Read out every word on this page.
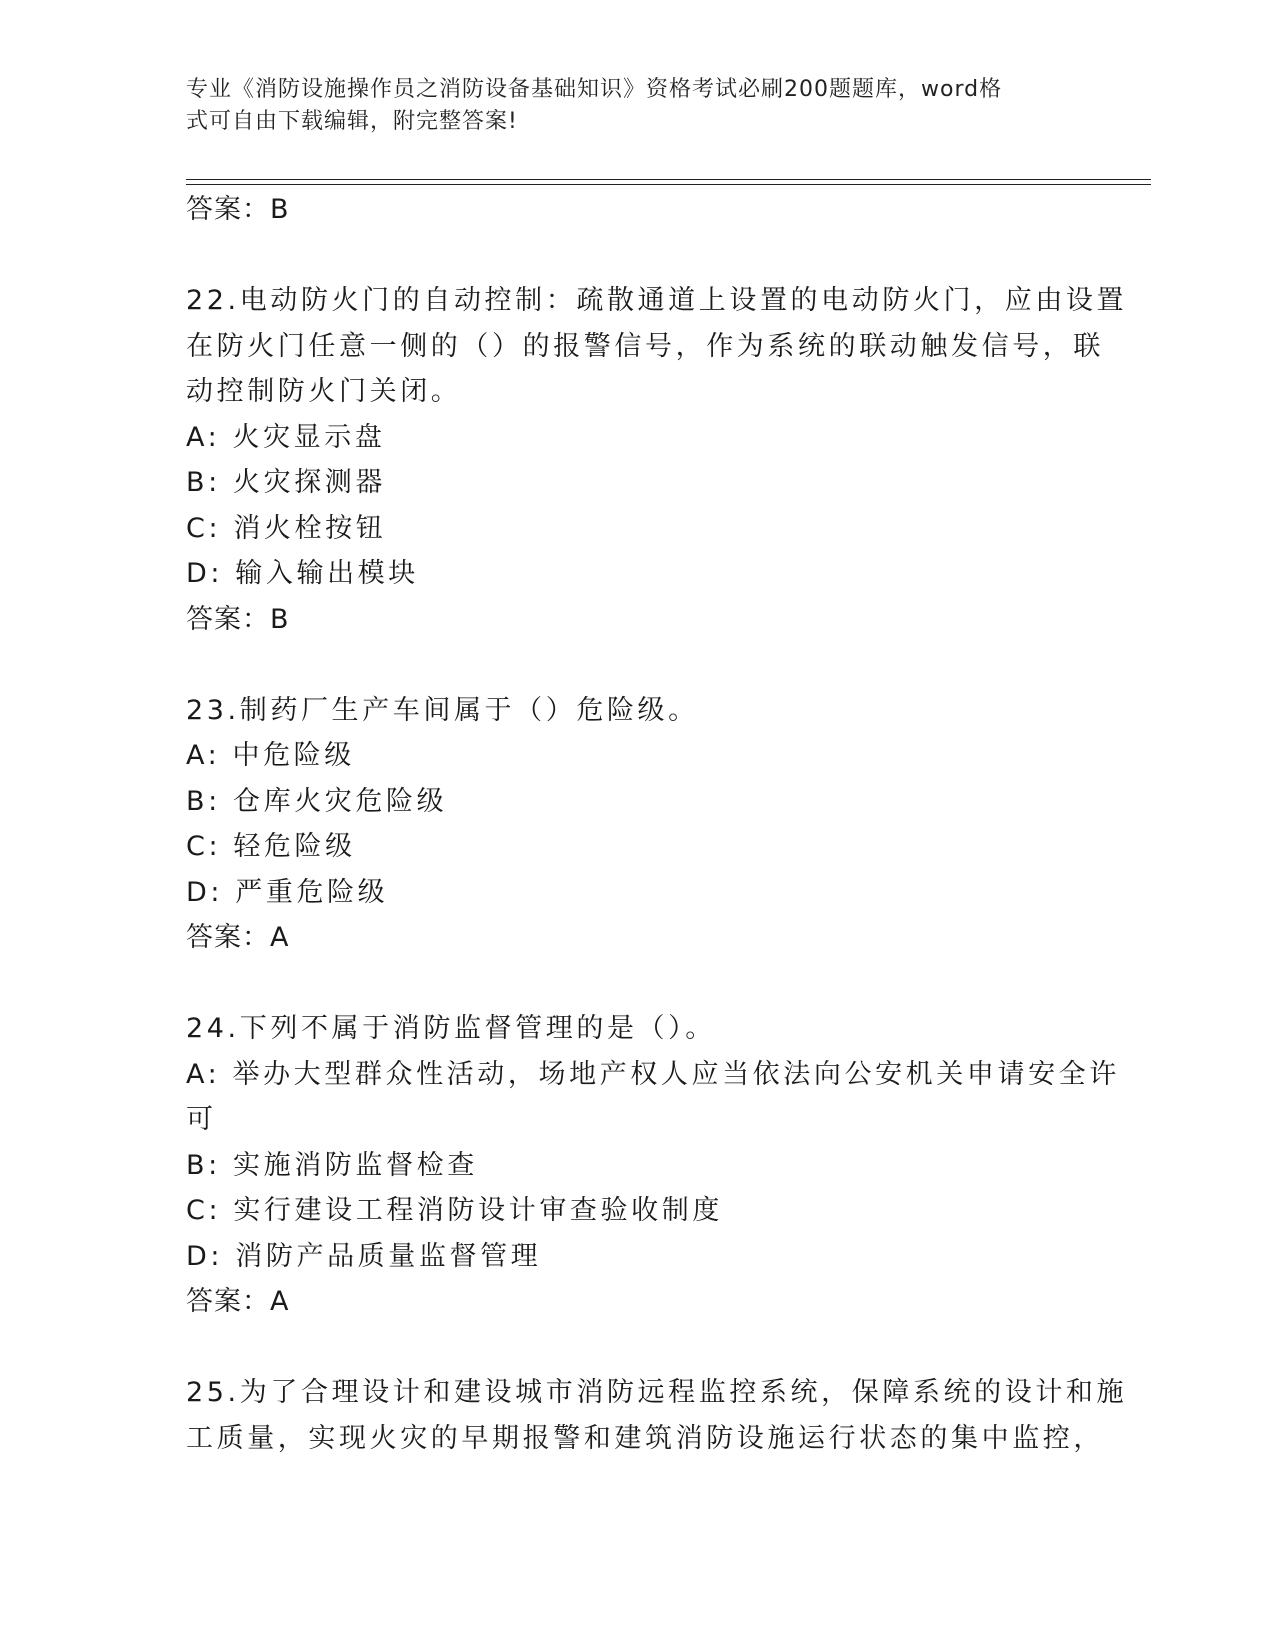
专业《消防设施操作员之消防设备基础知识》资格考试必刷200题题库，word格
式可自由下载编辑，附完整答案!
答案：B
22.电动防火门的自动控制：疏散通道上设置的电动防火门，应由设置
在防火门任意一侧的（）的报警信号，作为系统的联动触发信号，联
动控制防火门关闭。
A: 火灾显示盘
B: 火灾探测器
C: 消火栓按钮
D: 输入输出模块
答案：B
23.制药厂生产车间属于（）危险级。
A: 中危险级
B: 仓库火灾危险级
C: 轻危险级
D: 严重危险级
答案：A
24.下列不属于消防监督管理的是（）。
A: 举办大型群众性活动，场地产权人应当依法向公安机关申请安全许
可
B: 实施消防监督检查
C: 实行建设工程消防设计审查验收制度
D: 消防产品质量监督管理
答案：A
25.为了合理设计和建设城市消防远程监控系统，保障系统的设计和施
工质量，实现火灾的早期报警和建筑消防设施运行状态的集中监控，
